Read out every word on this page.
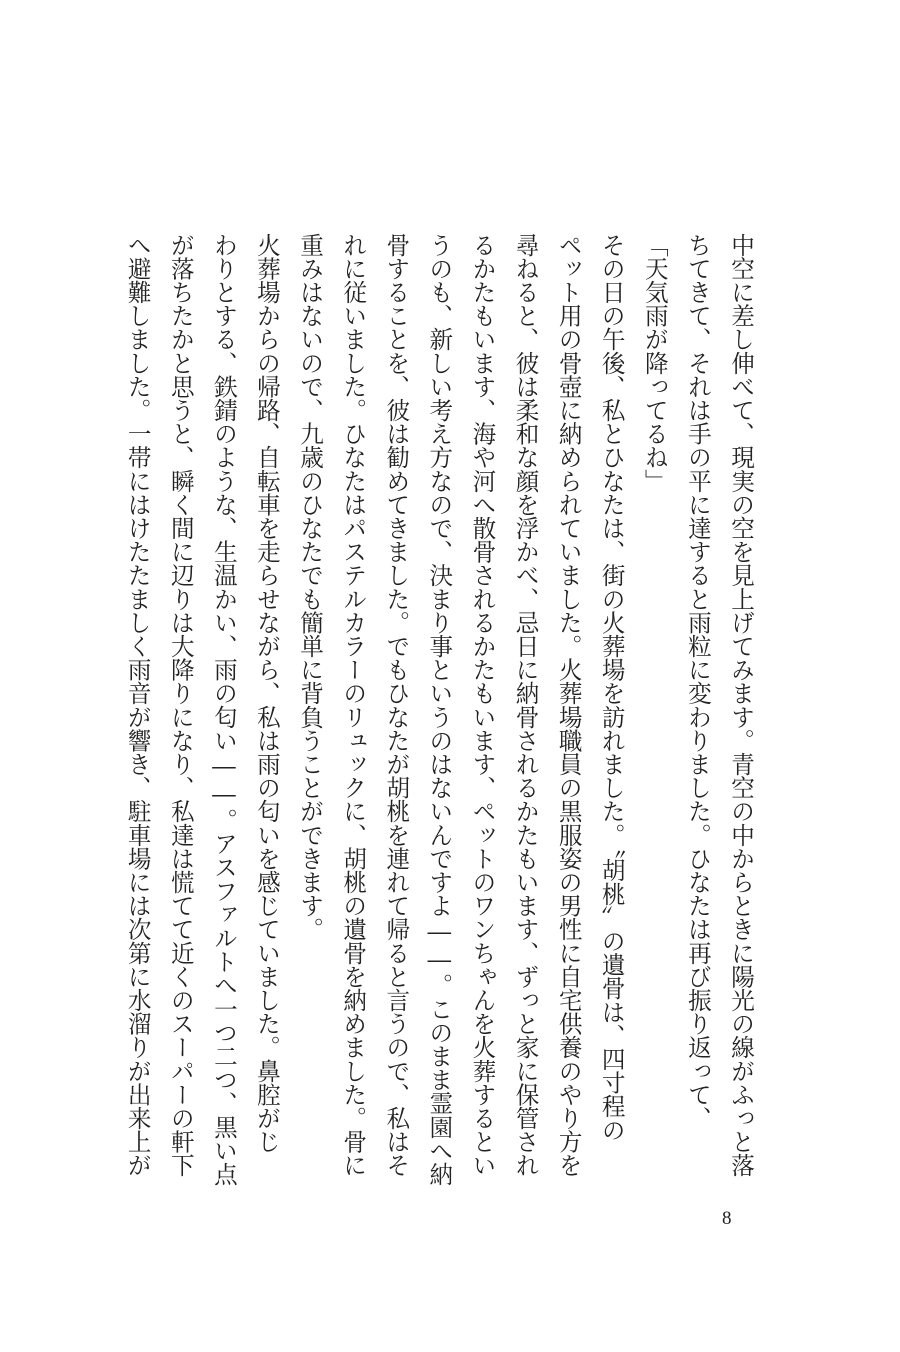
中空に差し伸べて、現実の空を見上げてみます。青空の中からときに陽光の線がふっと落
ちてきて、それは手の平に達すると雨粒に変わりました。ひなたは再び振り返って、
「天気雨が降ってるね」
その日の午後、私とひなたは、街の火葬場を訪れました。〝胡桃〟の遺骨は、四寸程の
ペット用の骨壺に納められていました。火葬場職員の黒服姿の男性に自宅供養のやり方を
尋ねると、彼は柔和な顔を浮かべ、忌日に納骨されるかたもいます、ずっと家に保管され
るかたもいます、海や河へ散骨されるかたもいます、ペットのワンちゃんを火葬するとい
うのも、新しい考え方なので、決まり事というのはないんですよ――。このまま霊園へ納
骨することを、彼は勧めてきました。でもひなたが胡桃を連れて帰ると言うので、私はそ
れに従いました。ひなたはパステルカラーのリュックに、胡桃の遺骨を納めました。骨に
重みはないので、九歳のひなたでも簡単に背負うことができます。
火葬場からの帰路、自転車を走らせながら、私は雨の匂いを感じていました。鼻腔がじ
わりとする、鉄錆のような、生温かい、雨の匂い――。アスファルトへ一つ二つ、黒い点
が落ちたかと思うと、瞬く間に辺りは大降りになり、私達は慌てて近くのスーパーの軒下
へ避難しました。一帯にはけたたましく雨音が響き、駐車場には次第に水溜りが出来上が
8
